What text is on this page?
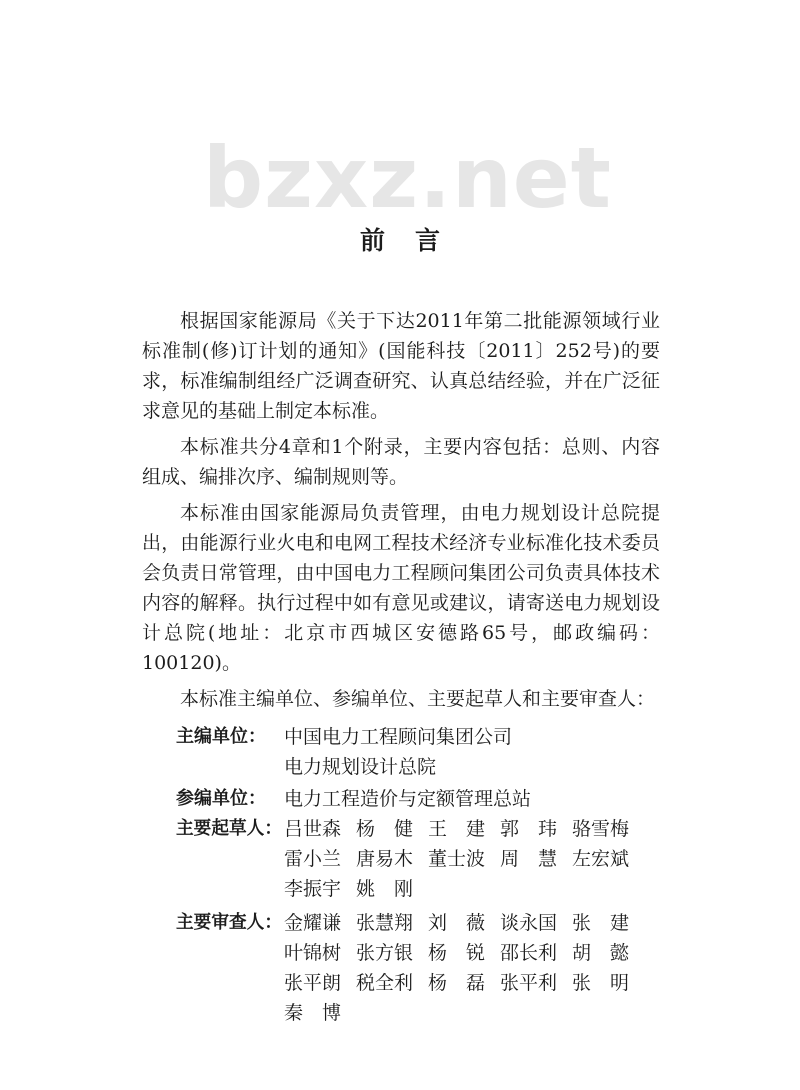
bzxz.net
前言

根据国家能源局《关于下达2011年第二批能源领域行业标准制(修)订计划的通知》(国能科技〔2011〕252号)的要求，标准编制组经广泛调查研究、认真总结经验，并在广泛征求意见的基础上制定本标准。

本标准共分4章和1个附录，主要内容包括：总则、内容组成、编排次序、编制规则等。

本标准由国家能源局负责管理，由电力规划设计总院提出，由能源行业火电和电网工程技术经济专业标准化技术委员会负责日常管理，由中国电力工程顾问集团公司负责具体技术内容的解释。执行过程中如有意见或建议，请寄送电力规划设计总院(地址：北京市西城区安德路65号，邮政编码：100120)。

本标准主编单位、参编单位、主要起草人和主要审查人：

主编单位： 中国电力工程顾问集团公司
电力规划设计总院
参编单位： 电力工程造价与定额管理总站
主要起草人： 吕世森 杨　健 王　建 郭　玮 骆雪梅
雷小兰 唐易木 董士波 周　慧 左宏斌
李振宇 姚　刚
主要审查人： 金耀谦 张慧翔 刘　薇 谈永国 张　建
叶锦树 张方银 杨　锐 邵长利 胡　懿
张平朗 税全利 杨　磊 张平利 张　明
秦　博
